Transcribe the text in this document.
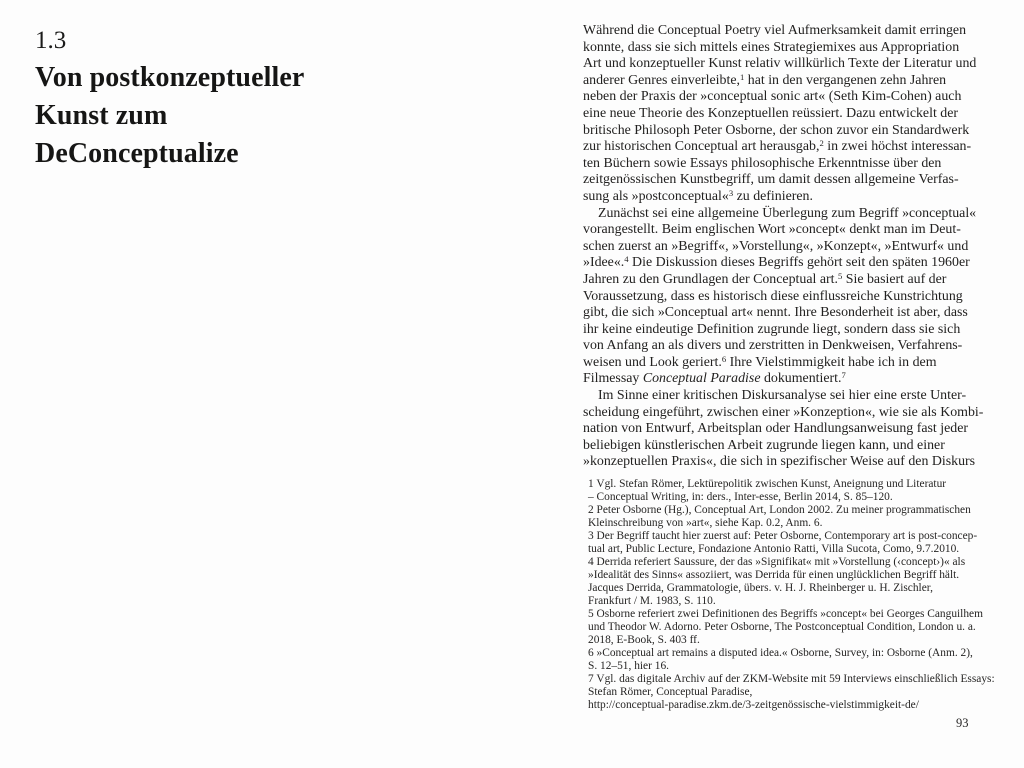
1.3
Von postkonzeptueller
Kunst zum
DeConceptualize

Während die Conceptual Poetry viel Aufmerksamkeit damit erringen
konnte, dass sie sich mittels eines Strategiemixes aus Appropriation
Art und konzeptueller Kunst relativ willkürlich Texte der Literatur und
anderer Genres einverleibte,$^1$ hat in den vergangenen zehn Jahren
neben der Praxis der »conceptual sonic art« (Seth Kim-Cohen) auch
eine neue Theorie des Konzeptuellen reüssiert. Dazu entwickelt der
britische Philosoph Peter Osborne, der schon zuvor ein Standardwerk
zur historischen Conceptual art herausgab,$^2$ in zwei höchst interessan-
ten Büchern sowie Essays philosophische Erkenntnisse über den
zeitgenössischen Kunstbegriff, um damit dessen allgemeine Verfas-
sung als »postconceptual«$^3$ zu definieren.

Zunächst sei eine allgemeine Überlegung zum Begriff »conceptual«
vorangestellt. Beim englischen Wort »concept« denkt man im Deut-
schen zuerst an »Begriff«, »Vorstellung«, »Konzept«, »Entwurf« und
»Idee«.$^4$ Die Diskussion dieses Begriffs gehört seit den späten 1960er
Jahren zu den Grundlagen der Conceptual art.$^5$ Sie basiert auf der
Voraussetzung, dass es historisch diese einflussreiche Kunstrichtung
gibt, die sich »Conceptual art« nennt. Ihre Besonderheit ist aber, dass
ihr keine eindeutige Definition zugrunde liegt, sondern dass sie sich
von Anfang an als divers und zerstritten in Denkweisen, Verfahrens-
weisen und Look geriert.$^6$ Ihre Vielstimmigkeit habe ich in dem
Filmessay Conceptual Paradise dokumentiert.$^7$

Im Sinne einer kritischen Diskursanalyse sei hier eine erste Unter-
scheidung eingeführt, zwischen einer »Konzeption«, wie sie als Kombi-
nation von Entwurf, Arbeitsplan oder Handlungsanweisung fast jeder
beliebigen künstlerischen Arbeit zugrunde liegen kann, und einer
»konzeptuellen Praxis«, die sich in spezifischer Weise auf den Diskurs

1 Vgl. Stefan Römer, Lektürepolitik zwischen Kunst, Aneignung und Literatur
– Conceptual Writing, in: ders., Inter-esse, Berlin 2014, S. 85–120.

2 Peter Osborne (Hg.), Conceptual Art, London 2002. Zu meiner programmatischen
Kleinschreibung von »art«, siehe Kap. 0.2, Anm. 6.

3 Der Begriff taucht hier zuerst auf: Peter Osborne, Contemporary art is post-concep-
tual art, Public Lecture, Fondazione Antonio Ratti, Villa Sucota, Como, 9.7.2010.

4 Derrida referiert Saussure, der das »Signifikat« mit »Vorstellung (‹concept›)« als
»Idealität des Sinns« assoziiert, was Derrida für einen unglücklichen Begriff hält.
Jacques Derrida, Grammatologie, übers. v. H. J. Rheinberger u. H. Zischler,
Frankfurt / M. 1983, S. 110.

5 Osborne referiert zwei Definitionen des Begriffs »concept« bei Georges Canguilhem
und Theodor W. Adorno. Peter Osborne, The Postconceptual Condition, London u. a.
2018, E-Book, S. 403 ff.

6 »Conceptual art remains a disputed idea.« Osborne, Survey, in: Osborne (Anm. 2),
S. 12–51, hier 16.

7 Vgl. das digitale Archiv auf der ZKM-Website mit 59 Interviews einschließlich Essays:
Stefan Römer, Conceptual Paradise,
http://conceptual-paradise.zkm.de/3-zeitgenössische-vielstimmigkeit-de/

93
